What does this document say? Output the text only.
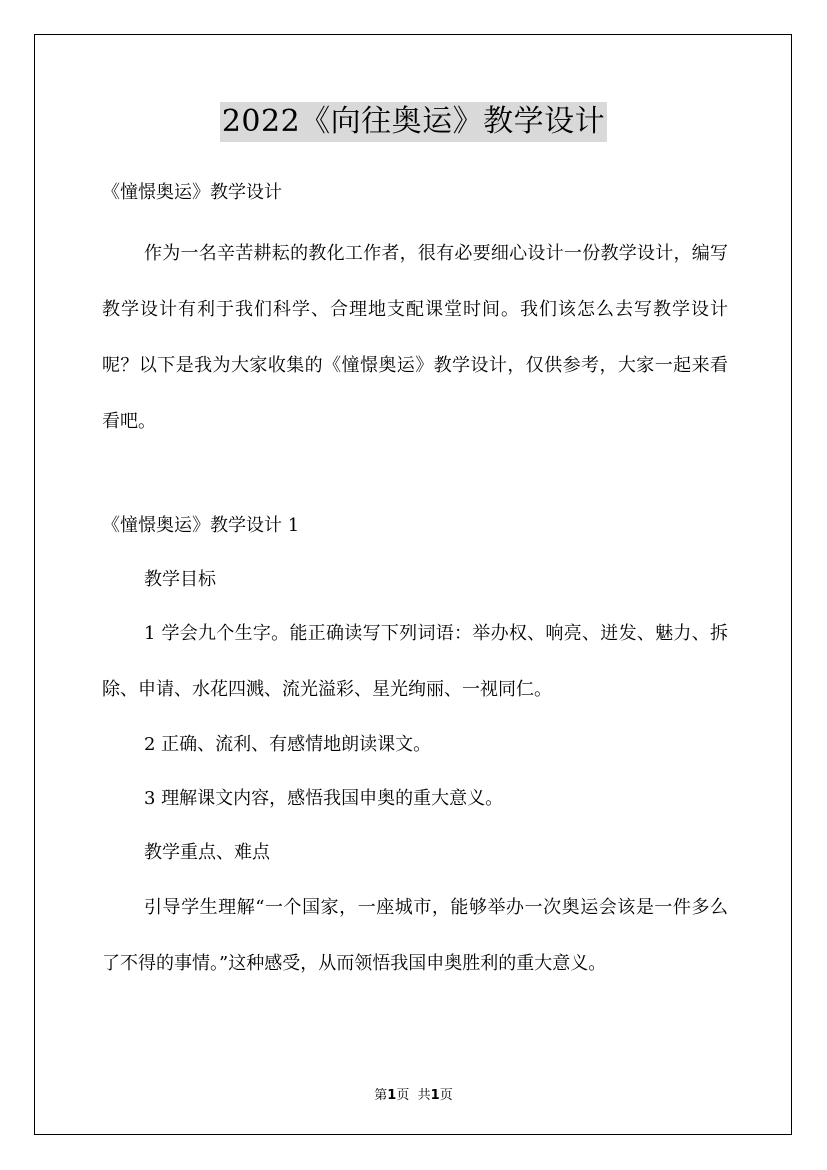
2022《向往奥运》教学设计

《憧憬奥运》教学设计

作为一名辛苦耕耘的教化工作者，很有必要细心设计一份教学设计，编写教学设计有利于我们科学、合理地支配课堂时间。我们该怎么去写教学设计呢？以下是我为大家收集的《憧憬奥运》教学设计，仅供参考，大家一起来看看吧。

《憧憬奥运》教学设计 1

教学目标

1 学会九个生字。能正确读写下列词语：举办权、响亮、迸发、魅力、拆除、申请、水花四溅、流光溢彩、星光绚丽、一视同仁。

2 正确、流利、有感情地朗读课文。

3 理解课文内容，感悟我国申奥的重大意义。

教学重点、难点

引导学生理解“一个国家，一座城市，能够举办一次奥运会该是一件多么了不得的事情。”这种感受，从而领悟我国申奥胜利的重大意义。

第1页 共1页
